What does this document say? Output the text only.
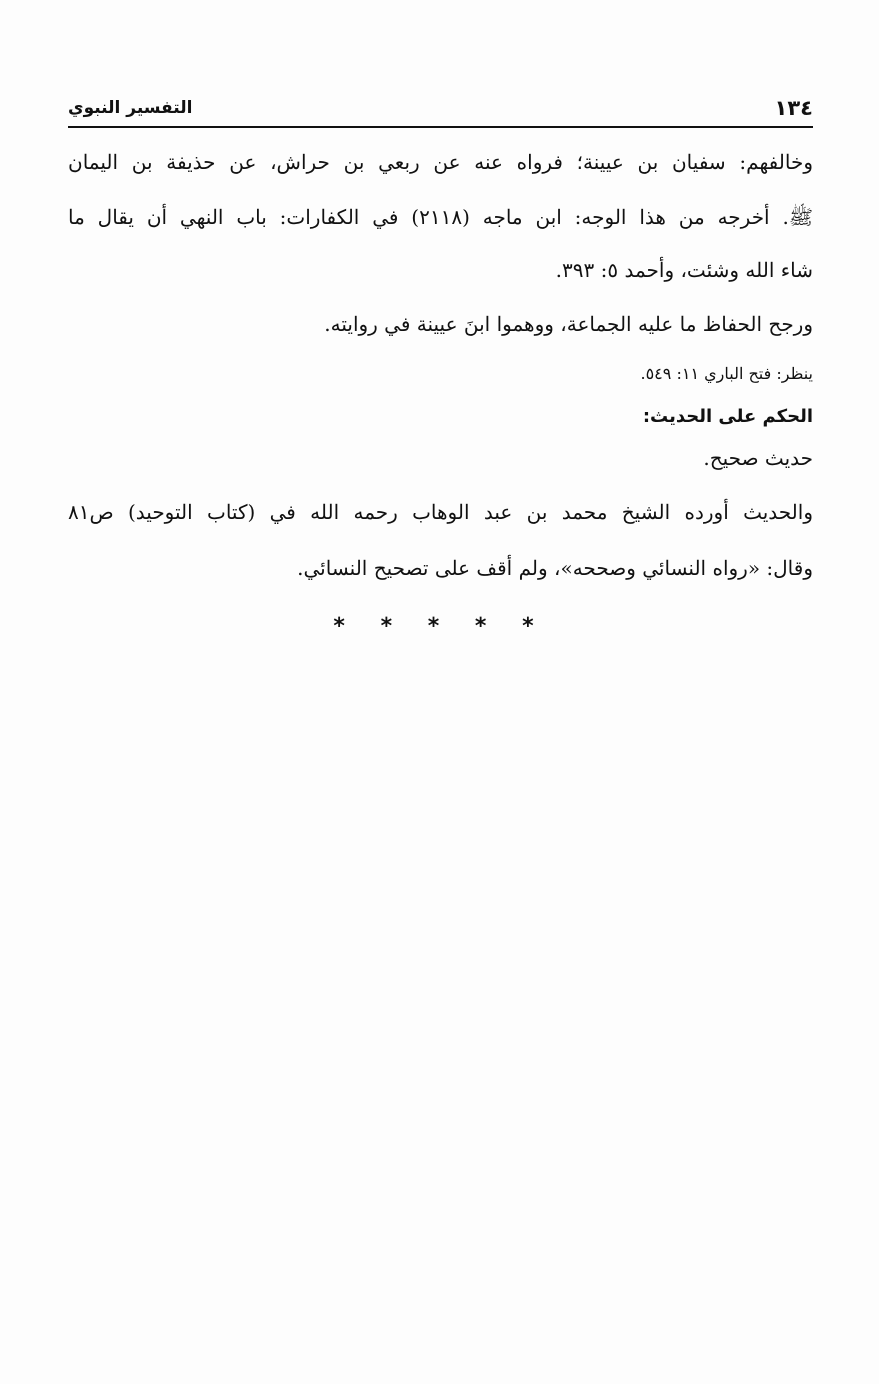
١٣٤
التفسير النبوي
وخالفهم: سفيان بن عيينة؛ فرواه عنه عن ربعي بن حراش، عن حذيفة بن اليمان
ﷺ. أخرجه من هذا الوجه: ابن ماجه (٢١١٨) في الكفارات: باب النهي أن يقال ما
شاء الله وشئت، وأحمد ٥: ٣٩٣.
ورجح الحفاظ ما عليه الجماعة، ووهموا ابنَ عيينة في روايته.
ينظر: فتح الباري ١١: ٥٤٩.
الحكم على الحديث:
حديث صحيح.
والحديث أورده الشيخ محمد بن عبد الوهاب رحمه الله في (كتاب التوحيد) ص٨١
وقال: «رواه النسائي وصححه»، ولم أقف على تصحيح النسائي.
* * * * *
